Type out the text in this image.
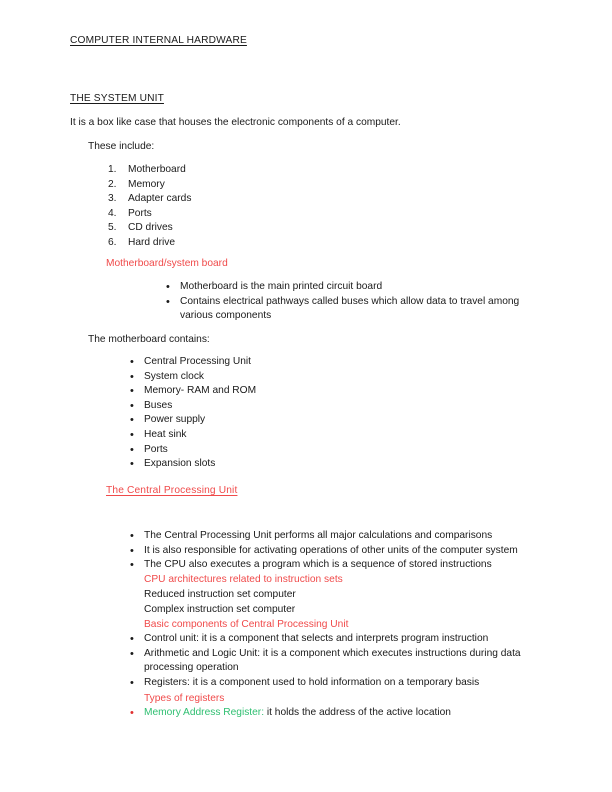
COMPUTER INTERNAL HARDWARE
THE SYSTEM UNIT
It is a box like case that houses the electronic components of a computer.
These include:
1.	Motherboard
2.	Memory
3.	Adapter cards
4.	Ports
5.	CD drives
6.	Hard drive
Motherboard/system board
• Motherboard is the main printed circuit board
• Contains electrical pathways called buses which allow data to travel among various components
The motherboard contains:
• Central Processing Unit
• System clock
• Memory- RAM and ROM
• Buses
• Power supply
• Heat sink
• Ports
• Expansion slots
The Central Processing Unit
• The Central Processing Unit performs all major calculations and comparisons
• It is also responsible for activating operations of other units of the computer system
• The CPU also executes a program which is a sequence of stored instructions
CPU architectures related to instruction sets
Reduced instruction set computer
Complex instruction set computer
Basic components of Central Processing Unit
• Control unit: it is a component that selects and interprets program instruction
• Arithmetic and Logic Unit: it is a component which executes instructions during data processing operation
• Registers: it is a component used to hold information on a temporary basis
Types of registers
• Memory Address Register: it holds the address of the active location
